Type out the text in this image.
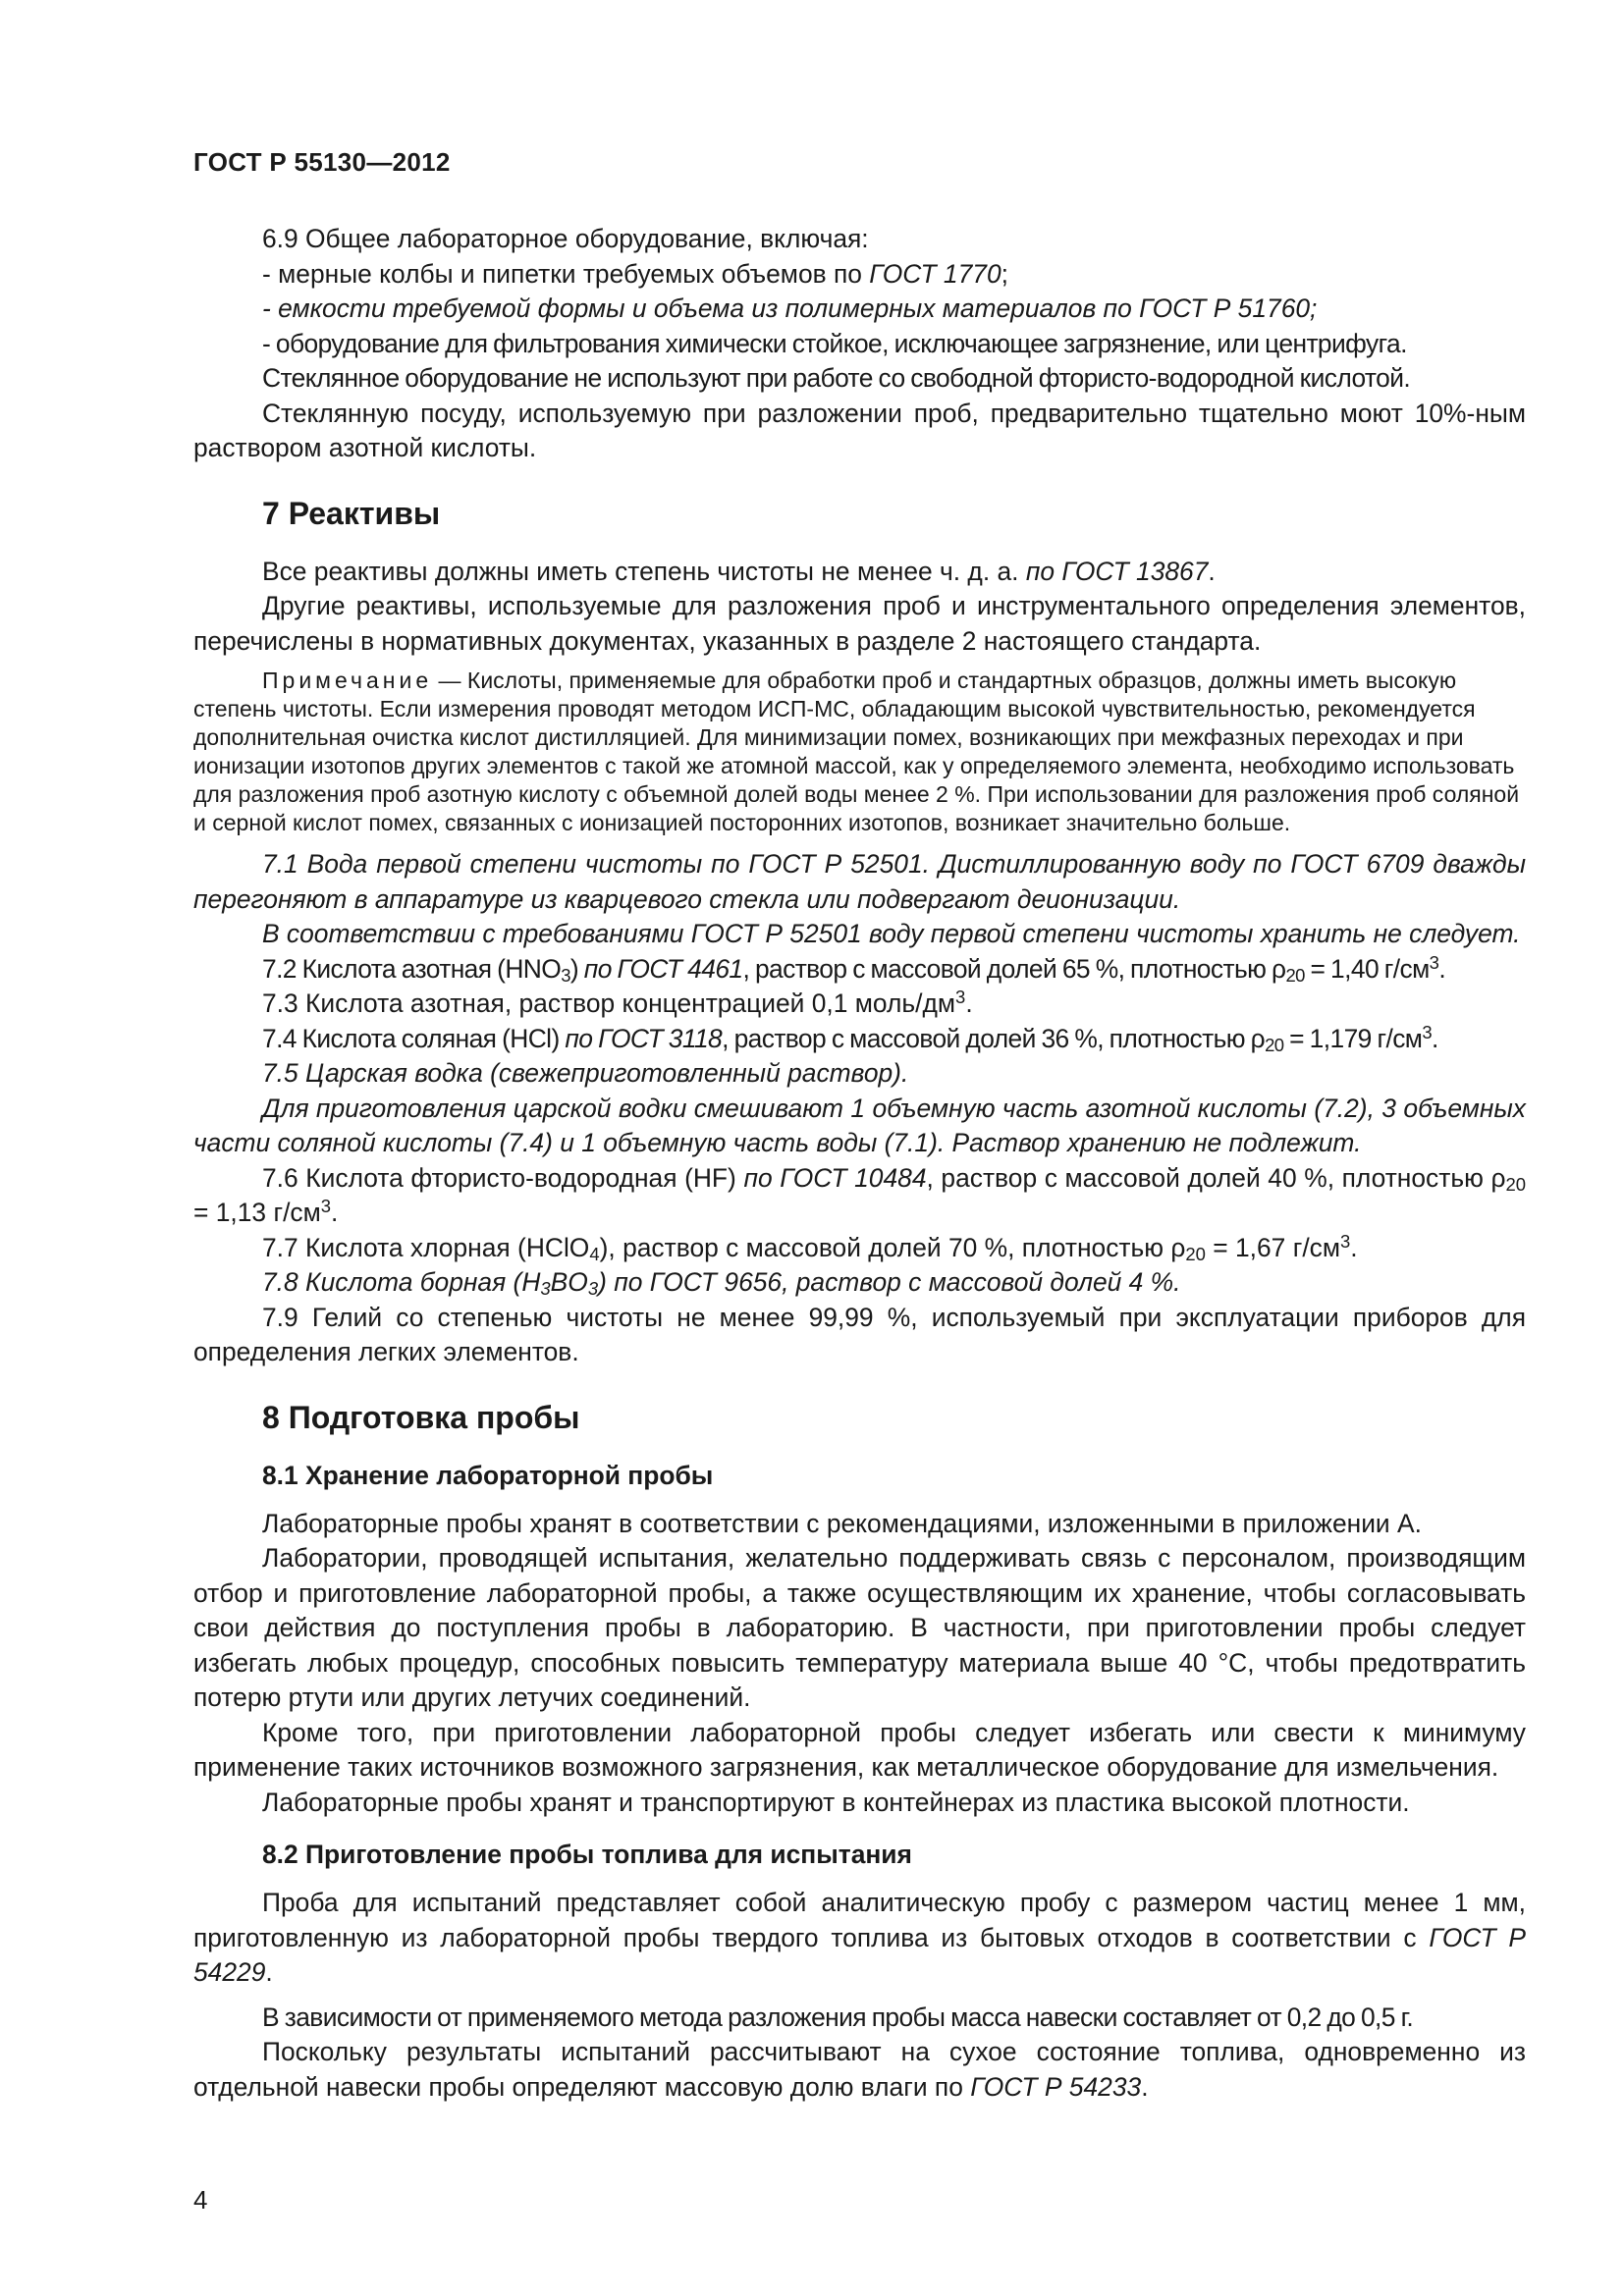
ГОСТ Р 55130—2012

6.9 Общее лабораторное оборудование, включая:

- мерные колбы и пипетки требуемых объемов по ГОСТ 1770;

- емкости требуемой формы и объема из полимерных материалов по ГОСТ Р 51760;

- оборудование для фильтрования химически стойкое, исключающее загрязнение, или центрифуга.

Стеклянное оборудование не используют при работе со свободной фтористо-водородной кислотой.

Стеклянную посуду, используемую при разложении проб, предварительно тщательно моют 10%-ным раствором азотной кислоты.

7 Реактивы

Все реактивы должны иметь степень чистоты не менее ч. д. а. по ГОСТ 13867.

Другие реактивы, используемые для разложения проб и инструментального определения элементов, перечислены в нормативных документах, указанных в разделе 2 настоящего стандарта.

Примечание — Кислоты, применяемые для обработки проб и стандартных образцов, должны иметь высокую степень чистоты. Если измерения проводят методом ИСП-МС, обладающим высокой чувствительностью, рекомендуется дополнительная очистка кислот дистилляцией. Для минимизации помех, возникающих при межфазных переходах и при ионизации изотопов других элементов с такой же атомной массой, как у определяемого элемента, необходимо использовать для разложения проб азотную кислоту с объемной долей воды менее 2 %. При использовании для разложения проб соляной и серной кислот помех, связанных с ионизацией посторонних изотопов, возникает значительно больше.

7.1 Вода первой степени чистоты по ГОСТ Р 52501. Дистиллированную воду по ГОСТ 6709 дважды перегоняют в аппаратуре из кварцевого стекла или подвергают деионизации.

В соответствии с требованиями ГОСТ Р 52501 воду первой степени чистоты хранить не следует.

7.2 Кислота азотная $(HNO_3)$ по ГОСТ 4461, раствор с массовой долей 65 %, плотностью $\rho_{20} = 1,40$ $г/см^3$.

7.3 Кислота азотная, раствор концентрацией 0,1 моль/$дм^3$.

7.4 Кислота соляная (HCl) по ГОСТ 3118, раствор с массовой долей 36 %, плотностью $\rho_{20} = 1,179$ $г/см^3$.

7.5 Царская водка (свежеприготовленный раствор).

Для приготовления царской водки смешивают 1 объемную часть азотной кислоты (7.2), 3 объемных части соляной кислоты (7.4) и 1 объемную часть воды (7.1). Раствор хранению не подлежит.

7.6 Кислота фтористо-водородная (HF) по ГОСТ 10484, раствор с массовой долей 40 %, плотностью $\rho_{20} = 1,13$ $г/см^3$.

7.7 Кислота хлорная (HClO$_4$), раствор с массовой долей 70 %, плотностью $\rho_{20} = 1,67$ $г/см^3$.

7.8 Кислота борная $(H_3BO_3)$ по ГОСТ 9656, раствор с массовой долей 4 %.

7.9 Гелий со степенью чистоты не менее 99,99 %, используемый при эксплуатации приборов для определения легких элементов.

8 Подготовка пробы
8.1 Хранение лабораторной пробы

Лабораторные пробы хранят в соответствии с рекомендациями, изложенными в приложении А.

Лаборатории, проводящей испытания, желательно поддерживать связь с персоналом, производящим отбор и приготовление лабораторной пробы, а также осуществляющим их хранение, чтобы согласовывать свои действия до поступления пробы в лабораторию. В частности, при приготовлении пробы следует избегать любых процедур, способных повысить температуру материала выше 40 °С, чтобы предотвратить потерю ртути или других летучих соединений.

Кроме того, при приготовлении лабораторной пробы следует избегать или свести к минимуму применение таких источников возможного загрязнения, как металлическое оборудование для измельчения.

Лабораторные пробы хранят и транспортируют в контейнерах из пластика высокой плотности.

8.2 Приготовление пробы топлива для испытания

Проба для испытаний представляет собой аналитическую пробу с размером частиц менее 1 мм, приготовленную из лабораторной пробы твердого топлива из бытовых отходов в соответствии с ГОСТ Р 54229.

В зависимости от применяемого метода разложения пробы масса навески составляет от 0,2 до 0,5 г.

Поскольку результаты испытаний рассчитывают на сухое состояние топлива, одновременно из отдельной навески пробы определяют массовую долю влаги по ГОСТ Р 54233.

4
